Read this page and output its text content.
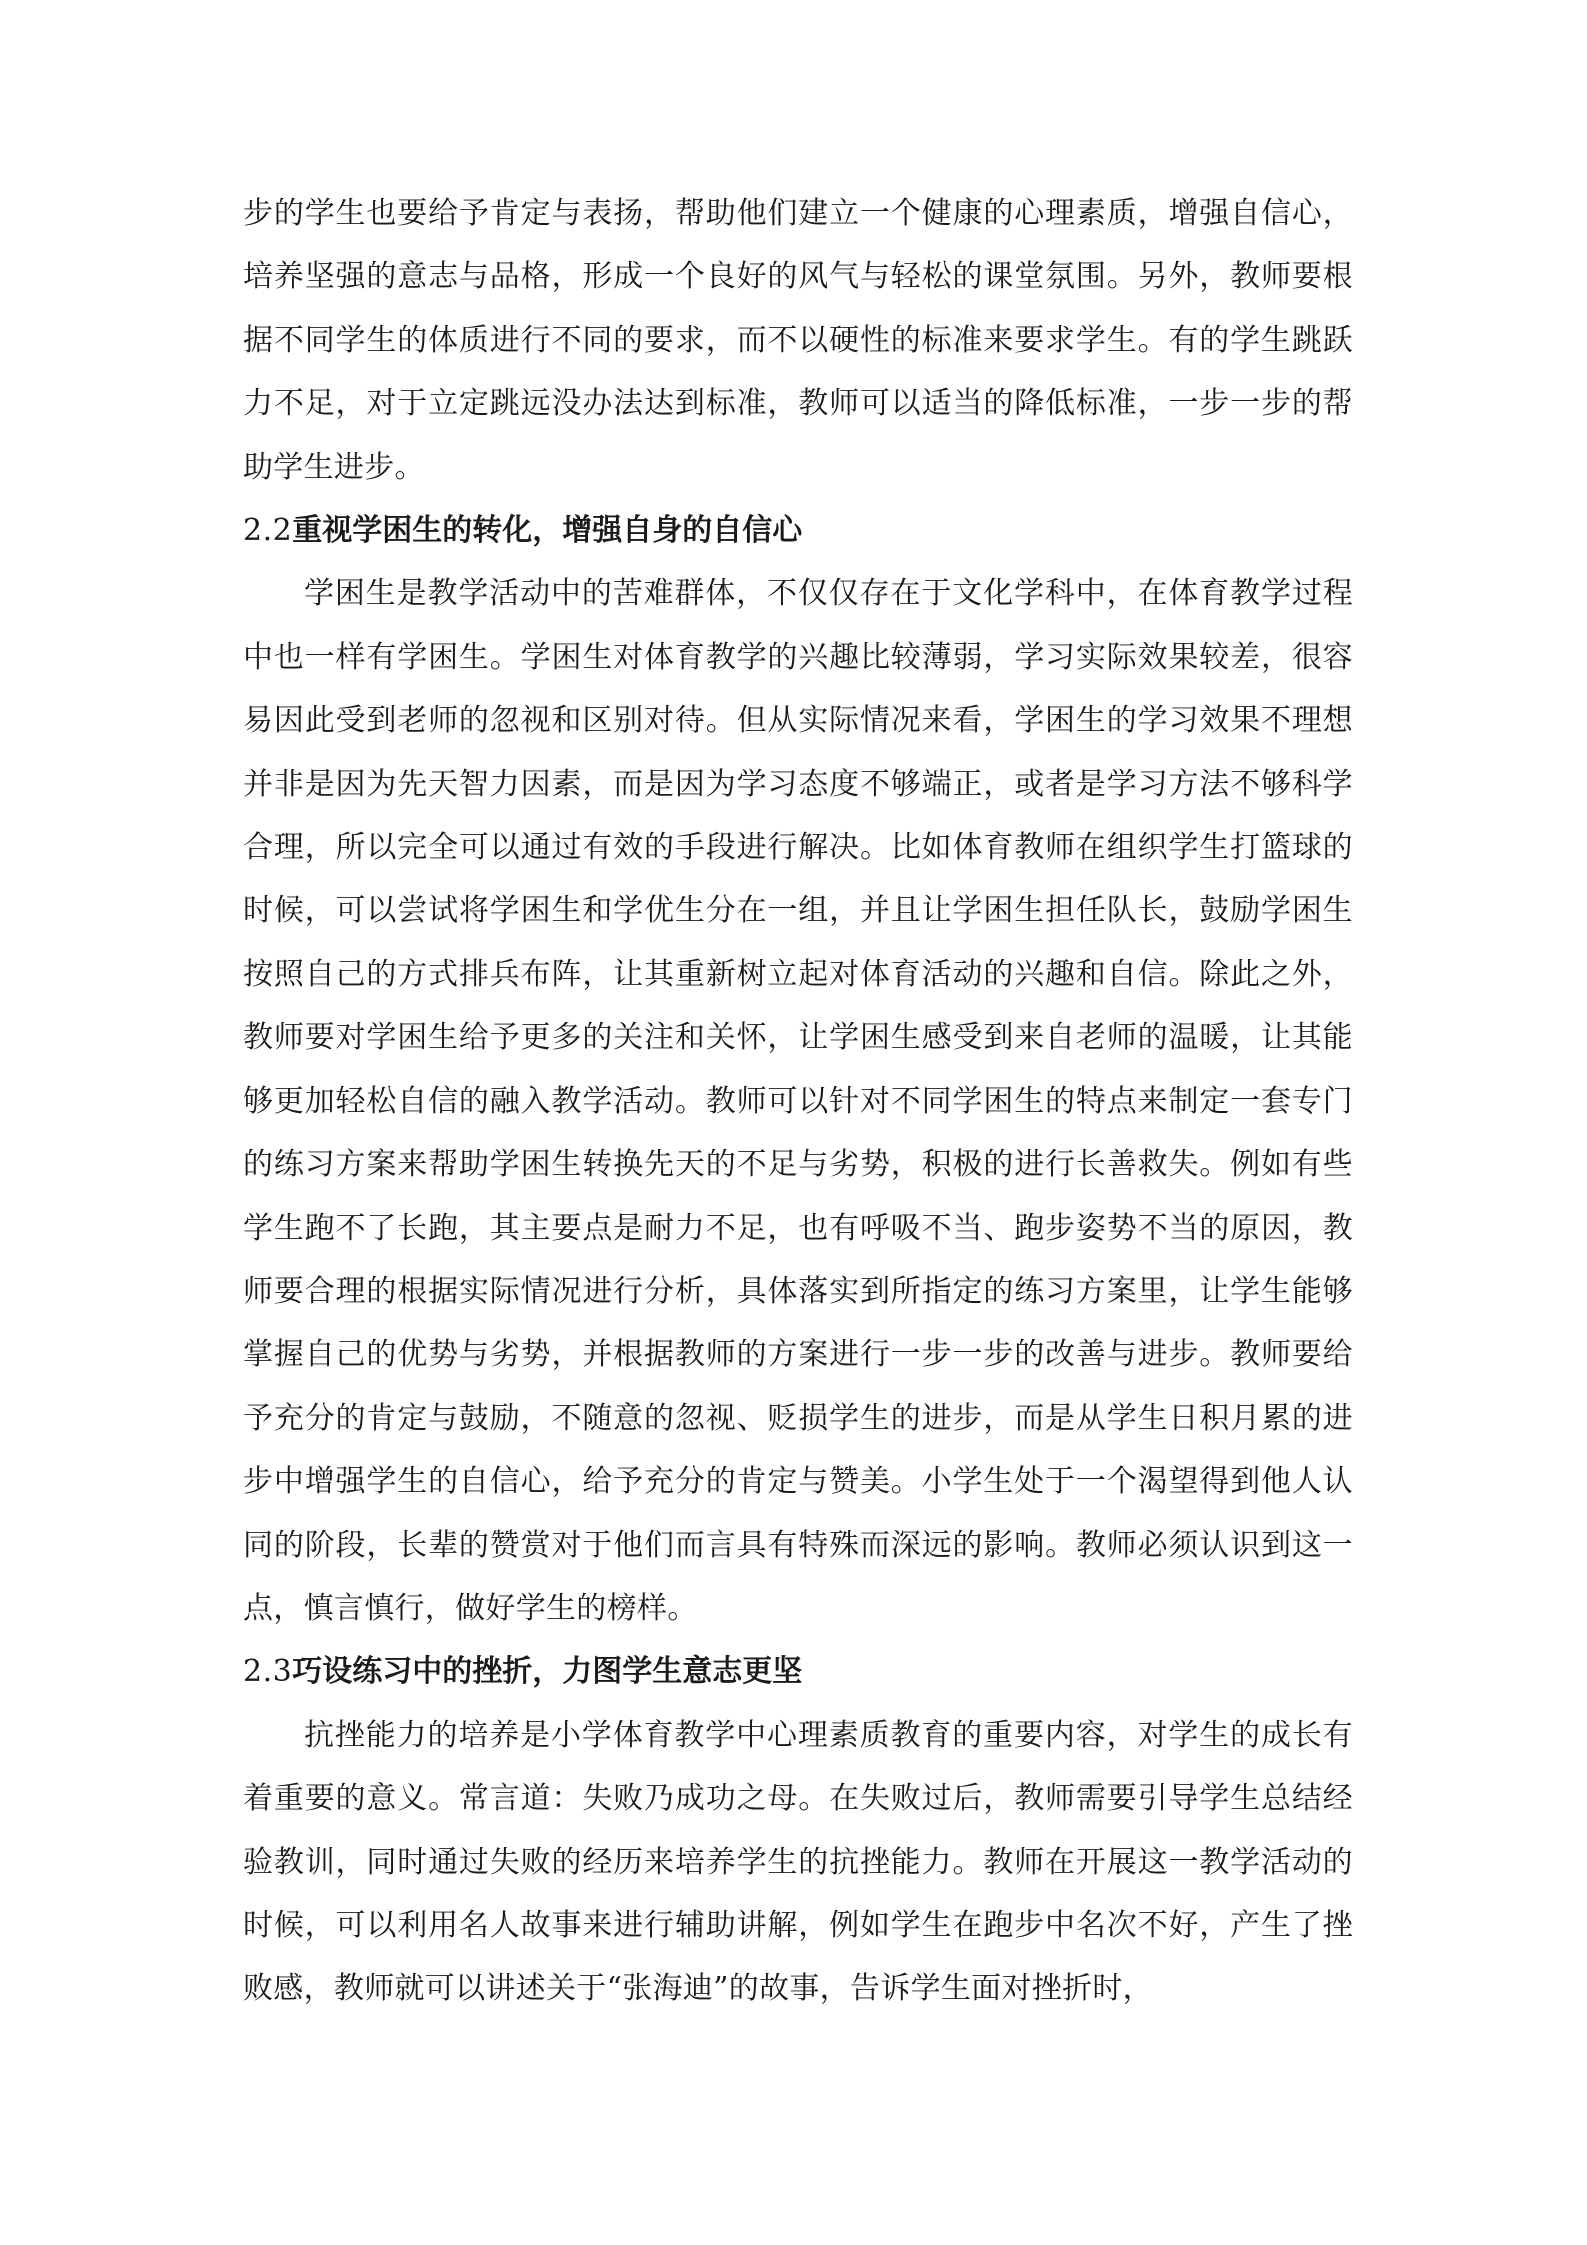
步的学生也要给予肯定与表扬，帮助他们建立一个健康的心理素质，增强自信心，培养坚强的意志与品格，形成一个良好的风气与轻松的课堂氛围。另外，教师要根据不同学生的体质进行不同的要求，而不以硬性的标准来要求学生。有的学生跳跃力不足，对于立定跳远没办法达到标准，教师可以适当的降低标准，一步一步的帮助学生进步。

2.2重视学困生的转化，增强自身的自信心

学困生是教学活动中的苦难群体，不仅仅存在于文化学科中，在体育教学过程中也一样有学困生。学困生对体育教学的兴趣比较薄弱，学习实际效果较差，很容易因此受到老师的忽视和区别对待。但从实际情况来看，学困生的学习效果不理想并非是因为先天智力因素，而是因为学习态度不够端正，或者是学习方法不够科学合理，所以完全可以通过有效的手段进行解决。比如体育教师在组织学生打篮球的时候，可以尝试将学困生和学优生分在一组，并且让学困生担任队长，鼓励学困生按照自己的方式排兵布阵，让其重新树立起对体育活动的兴趣和自信。除此之外，教师要对学困生给予更多的关注和关怀，让学困生感受到来自老师的温暖，让其能够更加轻松自信的融入教学活动。教师可以针对不同学困生的特点来制定一套专门的练习方案来帮助学困生转换先天的不足与劣势，积极的进行长善救失。例如有些学生跑不了长跑，其主要点是耐力不足，也有呼吸不当、跑步姿势不当的原因，教师要合理的根据实际情况进行分析，具体落实到所指定的练习方案里，让学生能够掌握自己的优势与劣势，并根据教师的方案进行一步一步的改善与进步。教师要给予充分的肯定与鼓励，不随意的忽视、贬损学生的进步，而是从学生日积月累的进步中增强学生的自信心，给予充分的肯定与赞美。小学生处于一个渴望得到他人认同的阶段，长辈的赞赏对于他们而言具有特殊而深远的影响。教师必须认识到这一点，慎言慎行，做好学生的榜样。

2.3巧设练习中的挫折，力图学生意志更坚

抗挫能力的培养是小学体育教学中心理素质教育的重要内容，对学生的成长有着重要的意义。常言道：失败乃成功之母。在失败过后，教师需要引导学生总结经验教训，同时通过失败的经历来培养学生的抗挫能力。教师在开展这一教学活动的时候，可以利用名人故事来进行辅助讲解，例如学生在跑步中名次不好，产生了挫败感，教师就可以讲述关于“张海迪”的故事，告诉学生面对挫折时，
